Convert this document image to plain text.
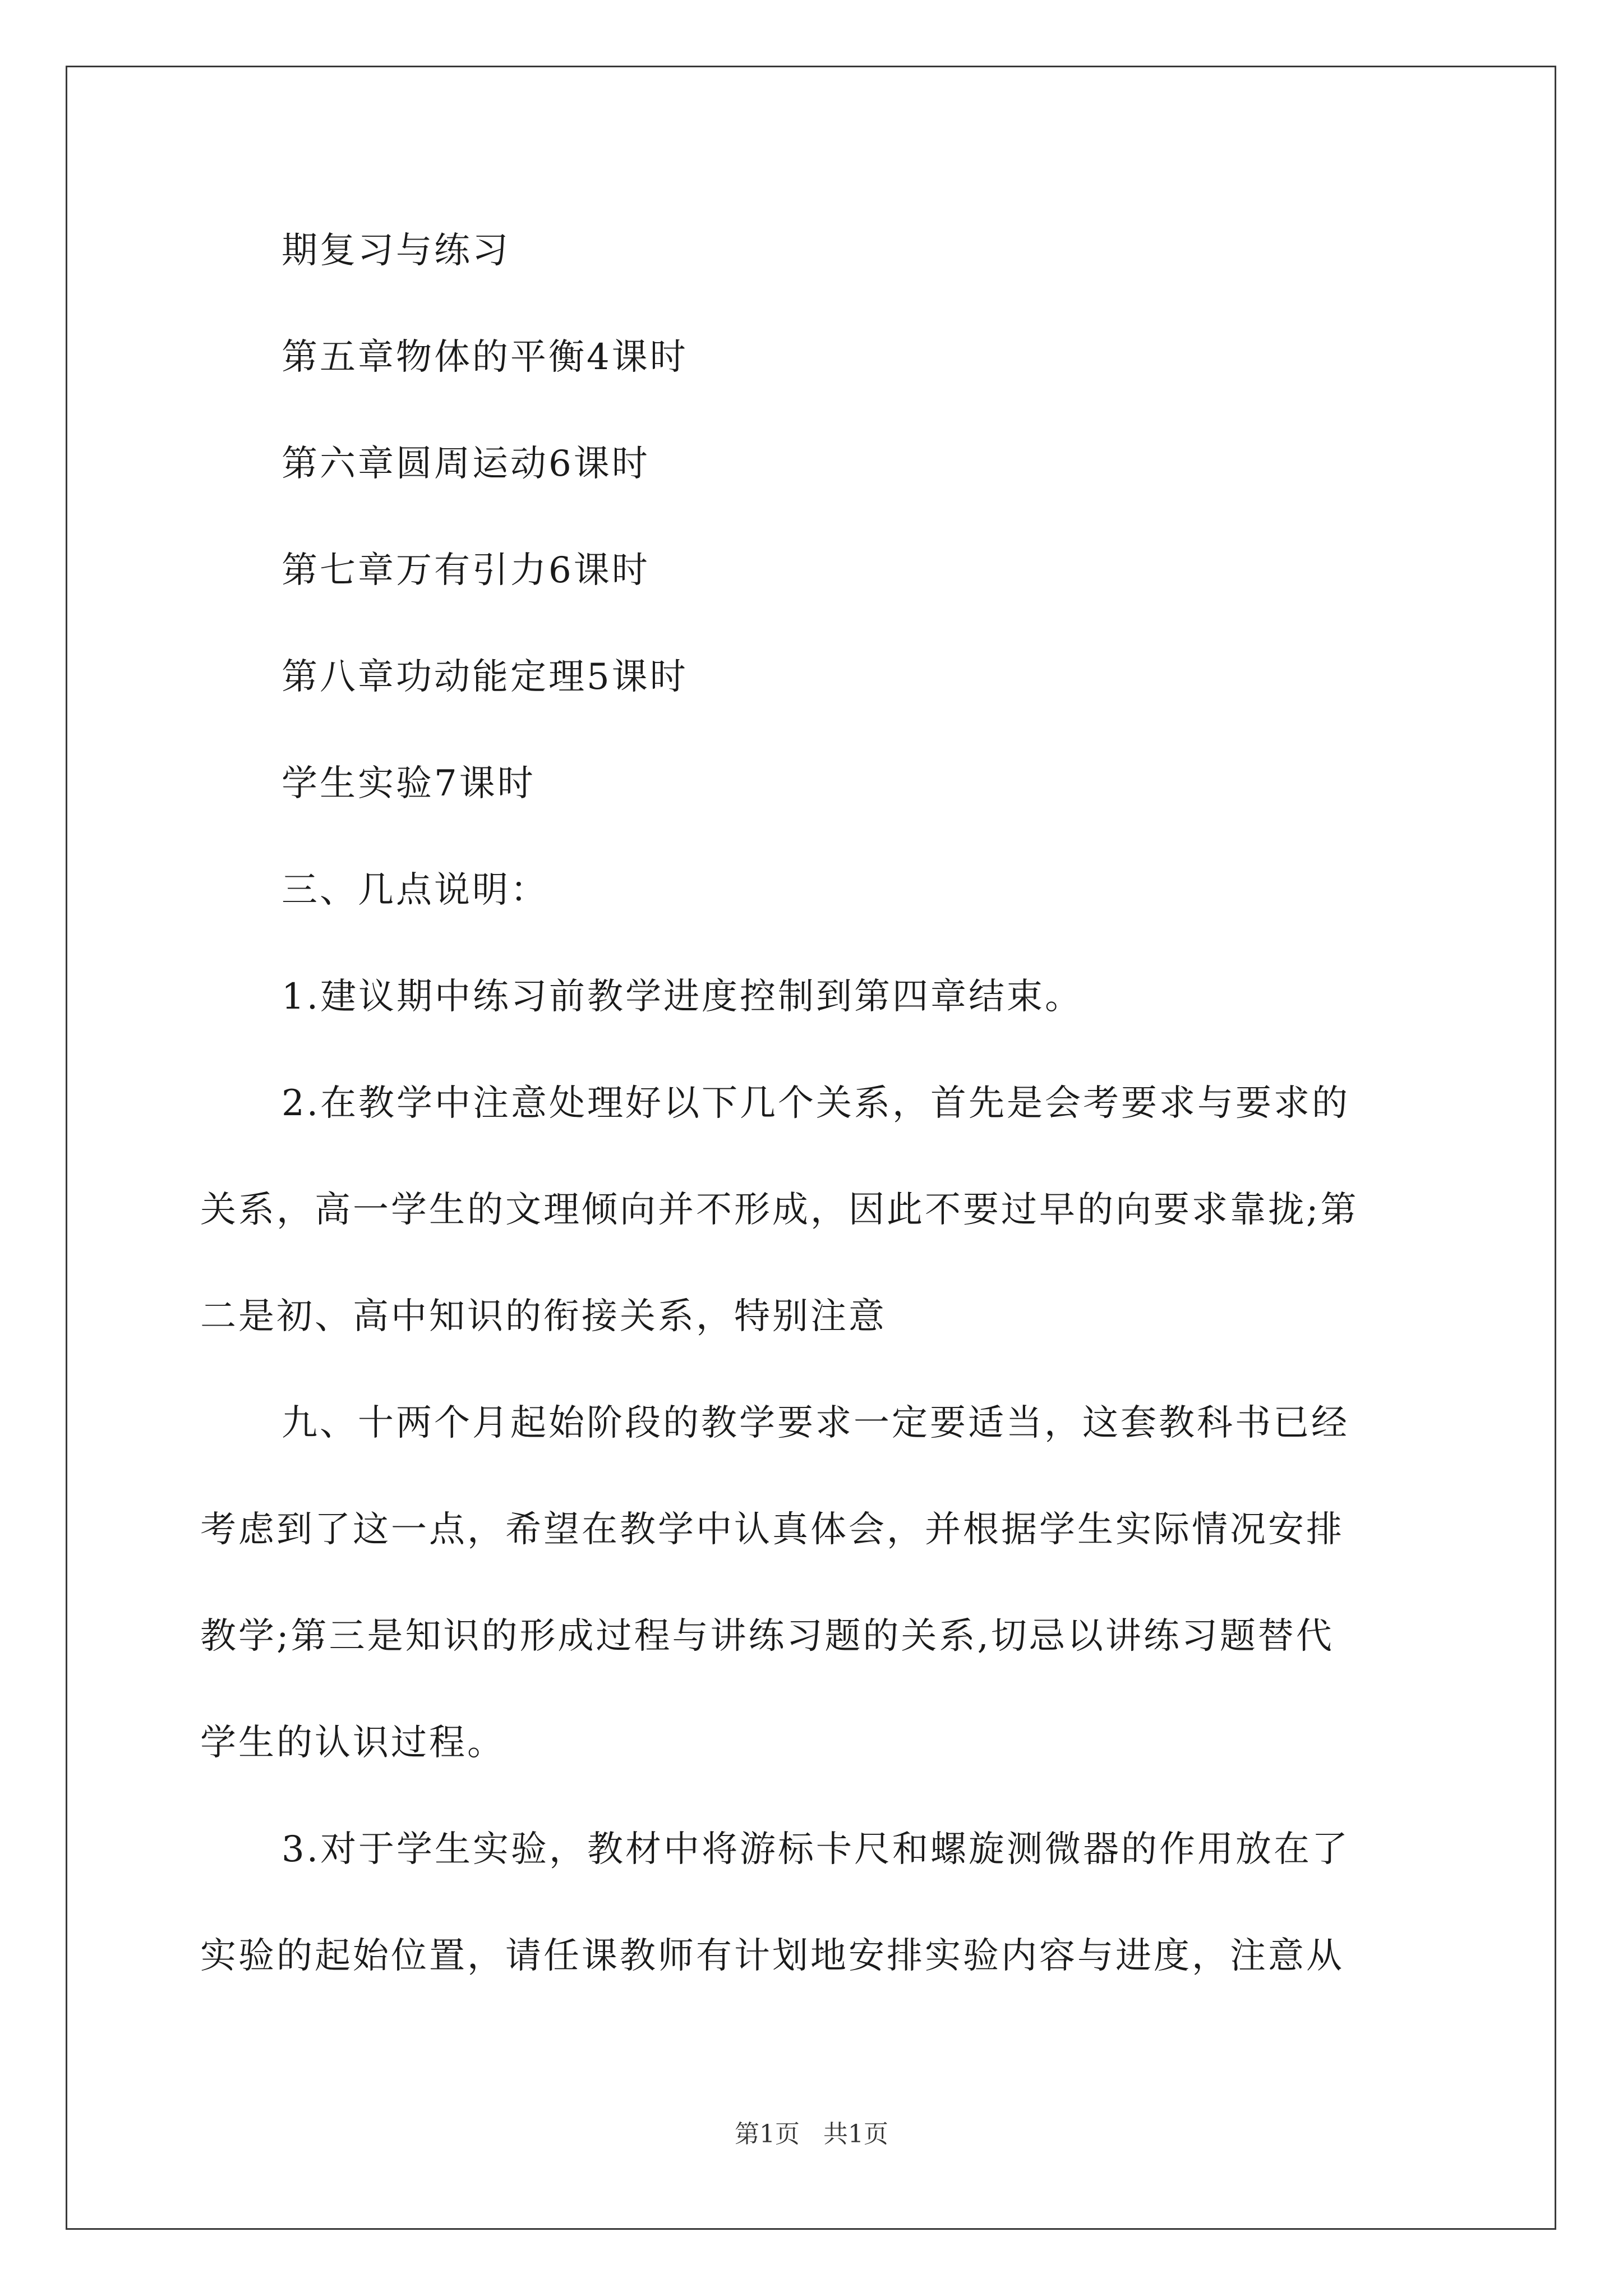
期复习与练习
第五章物体的平衡4课时
第六章圆周运动6课时
第七章万有引力6课时
第八章功动能定理5课时
学生实验7课时
三、几点说明：
1.建议期中练习前教学进度控制到第四章结束。
2.在教学中注意处理好以下几个关系，首先是会考要求与要求的
关系，高一学生的文理倾向并不形成，因此不要过早的向要求靠拢;第
二是初、高中知识的衔接关系，特别注意
九、十两个月起始阶段的教学要求一定要适当，这套教科书已经
考虑到了这一点，希望在教学中认真体会，并根据学生实际情况安排
教学;第三是知识的形成过程与讲练习题的关系,切忌以讲练习题替代
学生的认识过程。
3.对于学生实验，教材中将游标卡尺和螺旋测微器的作用放在了
实验的起始位置，请任课教师有计划地安排实验内容与进度，注意从
第1页 共1页
